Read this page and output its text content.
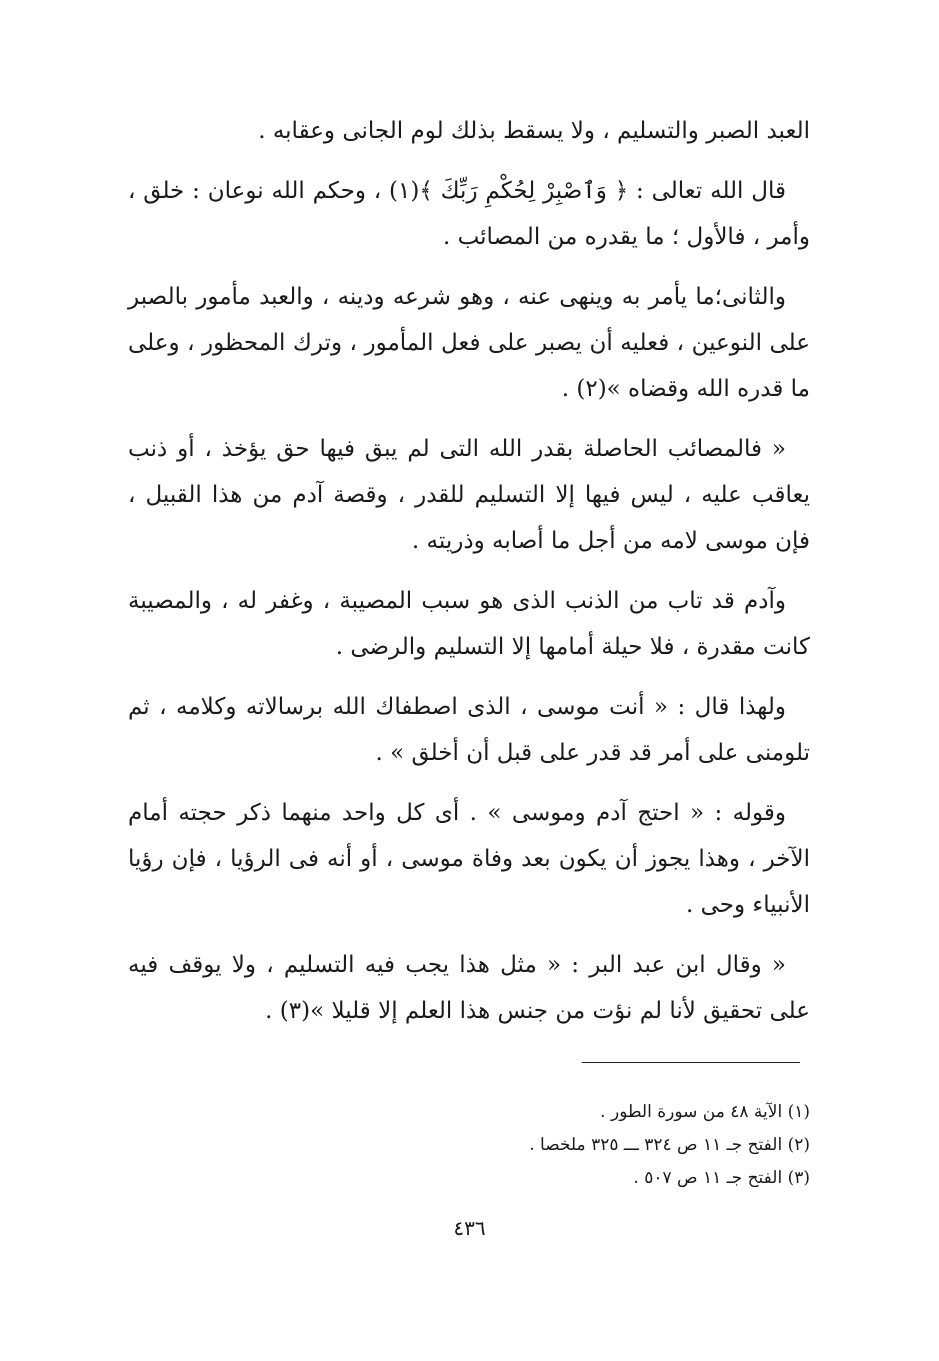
العبد الصبر والتسليم ، ولا يسقط بذلك لوم الجانى وعقابه .

قال الله تعالى : ﴿ وَٱصْبِرْ لِحُكْمِ رَبِّكَ ﴾(١) ، وحكم الله نوعان : خلق ، وأمر ، فالأول ؛ ما يقدره من المصائب .

والثانى؛ما يأمر به وينهى عنه ، وهو شرعه ودينه ، والعبد مأمور بالصبر على النوعين ، فعليه أن يصبر على فعل المأمور ، وترك المحظور ، وعلى ما قدره الله وقضاه »(٢) .

« فالمصائب الحاصلة بقدر الله التى لم يبق فيها حق يؤخذ ، أو ذنب يعاقب عليه ، ليس فيها إلا التسليم للقدر ، وقصة آدم من هذا القبيل ، فإن موسى لامه من أجل ما أصابه وذريته .

وآدم قد تاب من الذنب الذى هو سبب المصيبة ، وغفر له ، والمصيبة كانت مقدرة ، فلا حيلة أمامها إلا التسليم والرضى .

ولهذا قال : « أنت موسى ، الذى اصطفاك الله برسالاته وكلامه ، ثم تلومنى على أمر قد قدر على قبل أن أخلق » .

وقوله : « احتج آدم وموسى » . أى كل واحد منهما ذكر حجته أمام الآخر ، وهذا يجوز أن يكون بعد وفاة موسى ، أو أنه فى الرؤيا ، فإن رؤيا الأنبياء وحى .

« وقال ابن عبد البر : « مثل هذا يجب فيه التسليم ، ولا يوقف فيه على تحقيق لأنا لم نؤت من جنس هذا العلم إلا قليلا »(٣) .

(١) الآية ٤٨ من سورة الطور .

(٢) الفتح جـ ١١ ص ٣٢٤ ـــ ٣٢٥ ملخصا .

(٣) الفتح جـ ١١ ص ٥٠٧ .

٤٣٦
